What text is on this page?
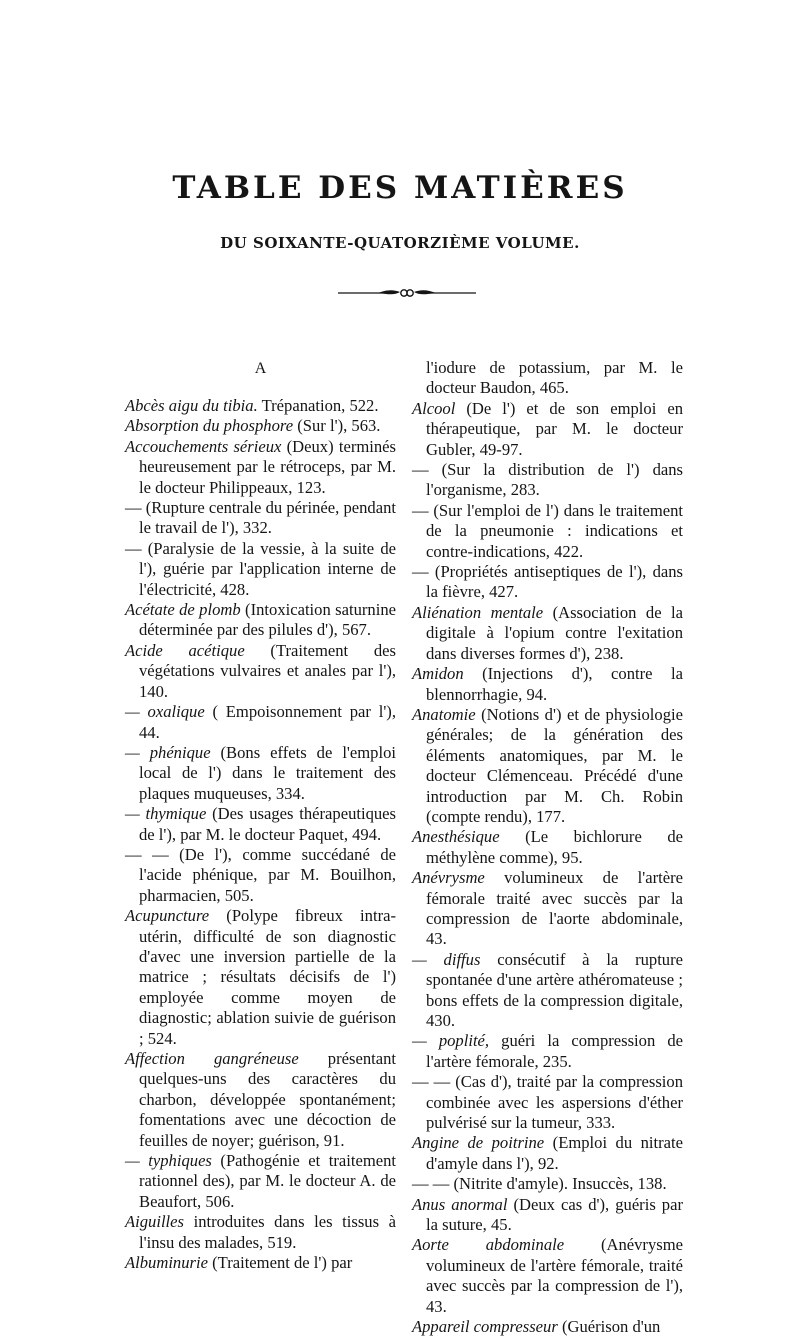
TABLE DES MATIÈRES
DU SOIXANTE-QUATORZIÈME VOLUME.

A

Abcès aigu du tibia. Trépanation, 522.

Absorption du phosphore (Sur l'), 563.

Accouchements sérieux (Deux) terminés heureusement par le rétroceps, par M. le docteur Philippeaux, 123.

— (Rupture centrale du périnée, pendant le travail de l'), 332.

— (Paralysie de la vessie, à la suite de l'), guérie par l'application interne de l'électricité, 428.

Acétate de plomb (Intoxication saturnine déterminée par des pilules d'), 567.

Acide acétique (Traitement des végétations vulvaires et anales par l'), 140.

— oxalique ( Empoisonnement par l'), 44.

— phénique (Bons effets de l'emploi local de l') dans le traitement des plaques muqueuses, 334.

— thymique (Des usages thérapeutiques de l'), par M. le docteur Paquet, 494.

— — (De l'), comme succédané de l'acide phénique, par M. Bouilhon, pharmacien, 505.

Acupuncture (Polype fibreux intra-utérin, difficulté de son diagnostic d'avec une inversion partielle de la matrice ; résultats décisifs de l') employée comme moyen de diagnostic; ablation suivie de guérison ; 524.

Affection gangréneuse présentant quelques-uns des caractères du charbon, développée spontanément; fomentations avec une décoction de feuilles de noyer; guérison, 91.

— typhiques (Pathogénie et traitement rationnel des), par M. le docteur A. de Beaufort, 506.

Aiguilles introduites dans les tissus à l'insu des malades, 519.

Albuminurie (Traitement de l') par

l'iodure de potassium, par M. le docteur Baudon, 465.

Alcool (De l') et de son emploi en thérapeutique, par M. le docteur Gubler, 49-97.

— (Sur la distribution de l') dans l'organisme, 283.

— (Sur l'emploi de l') dans le traitement de la pneumonie : indications et contre-indications, 422.

— (Propriétés antiseptiques de l'), dans la fièvre, 427.

Aliénation mentale (Association de la digitale à l'opium contre l'exitation dans diverses formes d'), 238.

Amidon (Injections d'), contre la blennorrhagie, 94.

Anatomie (Notions d') et de physiologie générales; de la génération des éléments anatomiques, par M. le docteur Clémenceau. Précédé d'une introduction par M. Ch. Robin (compte rendu), 177.

Anesthésique (Le bichlorure de méthylène comme), 95.

Anévrysme volumineux de l'artère fémorale traité avec succès par la compression de l'aorte abdominale, 43.

— diffus consécutif à la rupture spontanée d'une artère athéromateuse ; bons effets de la compression digitale, 430.

— poplité, guéri la compression de l'artère fémorale, 235.

— — (Cas d'), traité par la compression combinée avec les aspersions d'éther pulvérisé sur la tumeur, 333.

Angine de poitrine (Emploi du nitrate d'amyle dans l'), 92.

— — (Nitrite d'amyle). Insuccès, 138.

Anus anormal (Deux cas d'), guéris par la suture, 45.

Aorte abdominale (Anévrysme volumineux de l'artère fémorale, traité avec succès par la compression de l'), 43.

Appareil compresseur (Guérison d'un
